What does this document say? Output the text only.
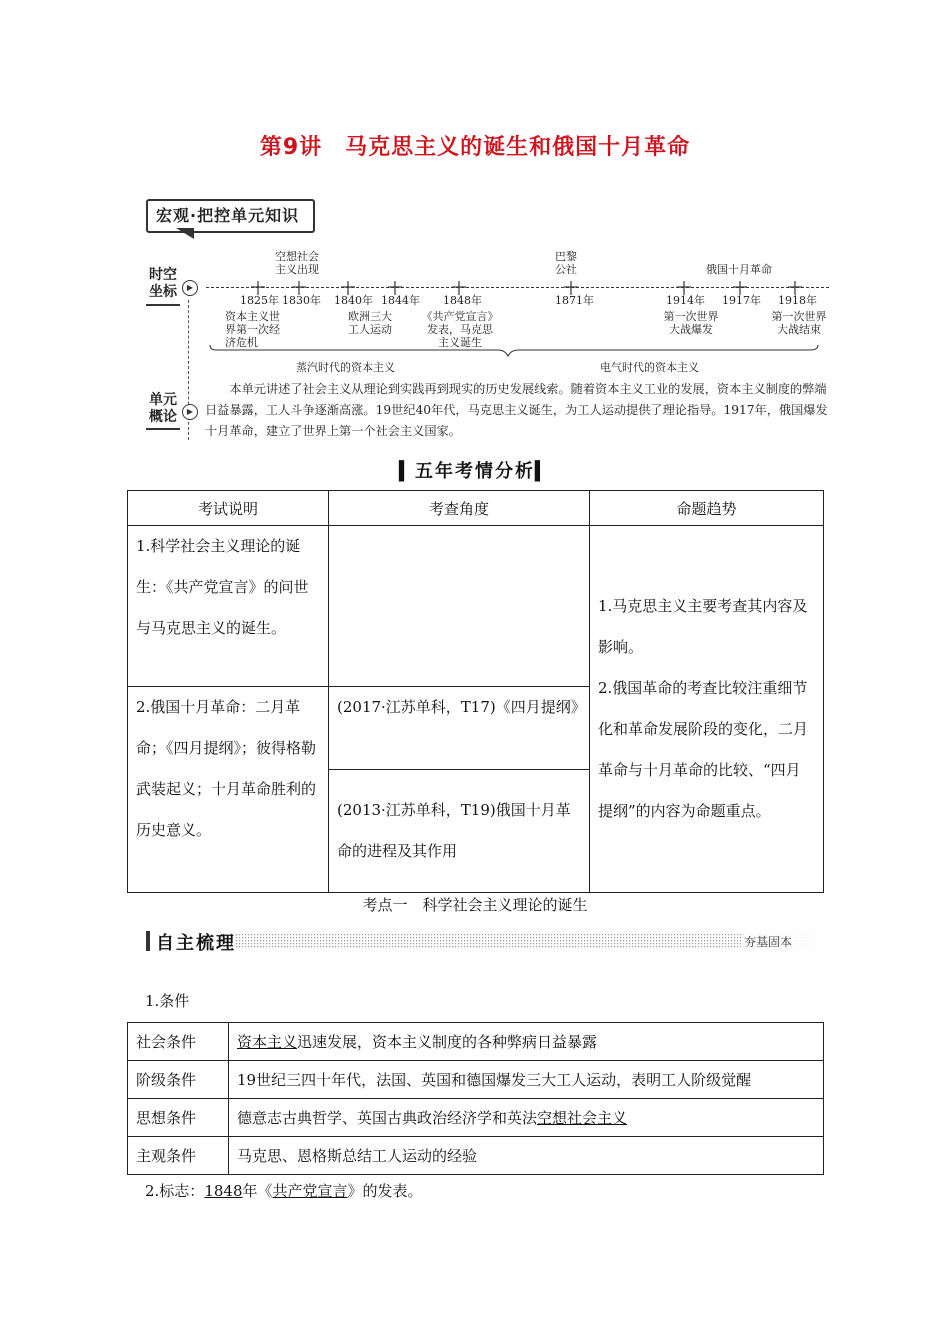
第9讲　马克思主义的诞生和俄国十月革命
宏观·把控单元知识
时空坐标	▶
空想社会
主义出现
巴黎
公社	俄国十月革命
1825年 1830年 1840年 1844年 1848年	1871年	1914年 1917年 1918年
资本主义世
界第一次经
济危机
欧洲三大
工人运动
《共产党宣言》
发表，马克思
主义诞生
第一次世界
大战爆发
第一次世界
大战结束
蒸汽时代的资本主义	电气时代的资本主义
单元概论	▶
本单元讲述了社会主义从理论到实践再到现实的历史发展线索。随着资本主义工业的发展，资本主义制度的弊端日益暴露，工人斗争逐渐高涨。19世纪40年代，马克思主义诞生，为工人运动提供了理论指导。1917年，俄国爆发十月革命，建立了世界上第一个社会主义国家。
▍五年考情分析▍
考试说明	考查角度	命题趋势

1.科学社会主义理论的诞生：《共产党宣言》的问世与马克思主义的诞生。		1.马克思主义主要考查其内容及影响。
2.俄国革命的考查比较注重细节化和革命发展阶段的变化，二月革命与十月革命的比较、“四月提纲”的内容为命题重点。

2.俄国十月革命：二月革命；《四月提纲》；彼得格勒武装起义；十月革命胜利的历史意义。	(2017·江苏单科，T17)《四月提纲》	

	(2013·江苏单科，T19)俄国十月革命的进程及其作用	
考点一　科学社会主义理论的诞生
自主梳理	夯基固本
1.条件
社会条件	资本主义迅速发展，资本主义制度的各种弊病日益暴露
阶级条件	19世纪三四十年代，法国、英国和德国爆发三大工人运动，表明工人阶级觉醒
思想条件	德意志古典哲学、英国古典政治经济学和英法空想社会主义
主观条件	马克思、恩格斯总结工人运动的经验
2.标志：1848年《共产党宣言》的发表。
